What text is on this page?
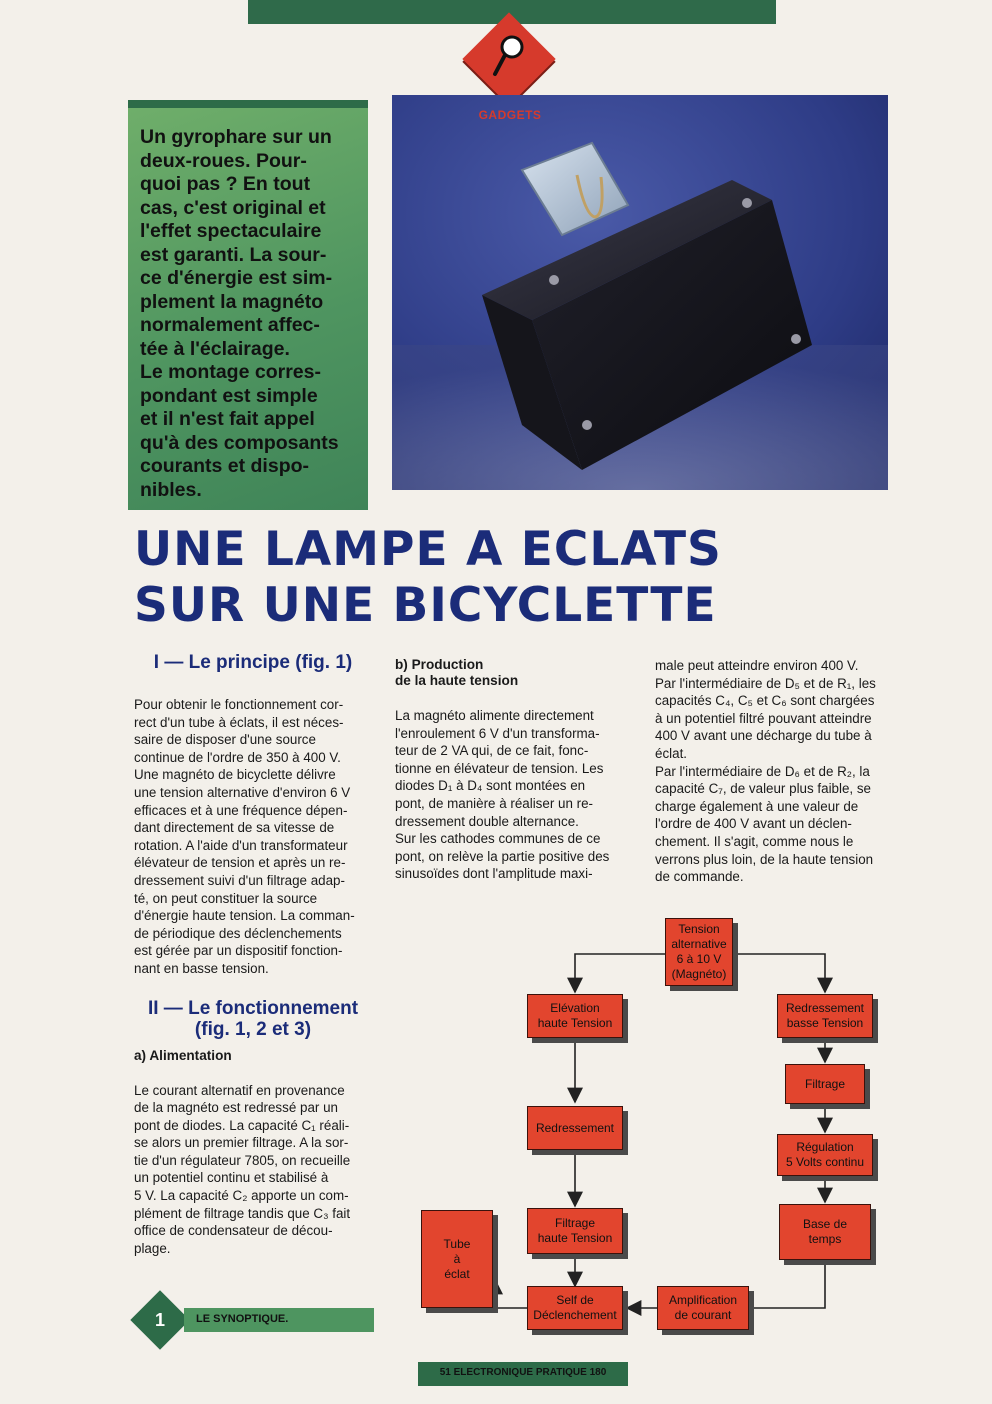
GADGETS
Un gyrophare sur un
deux-roues. Pour-
quoi pas ? En tout
cas, c'est original et
l'effet spectaculaire
est garanti. La sour-
ce d'énergie est sim-
plement la magnéto
normalement affec-
tée à l'éclairage.
Le montage corres-
pondant est simple
et il n'est fait appel
qu'à des composants
courants et dispo-
nibles.
UNE LAMPE A ECLATS
SUR UNE BICYCLETTE
I — Le principe (fig. 1)

Pour obtenir le fonctionnement cor-
rect d'un tube à éclats, il est néces-
saire de disposer d'une source
continue de l'ordre de 350 à 400 V.
Une magnéto de bicyclette délivre
une tension alternative d'environ 6 V
efficaces et à une fréquence dépen-
dant directement de sa vitesse de
rotation. A l'aide d'un transformateur
élévateur de tension et après un re-
dressement suivi d'un filtrage adap-
té, on peut constituer la source
d'énergie haute tension. La comman-
de périodique des déclenchements
est gérée par un dispositif fonction-
nant en basse tension.

II — Le fonctionnement
(fig. 1, 2 et 3)
a) Alimentation

Le courant alternatif en provenance
de la magnéto est redressé par un
pont de diodes. La capacité C₁ réali-
se alors un premier filtrage. A la sor-
tie d'un régulateur 7805, on recueille
un potentiel continu et stabilisé à
5 V. La capacité C₂ apporte un com-
plément de filtrage tandis que C₃ fait
office de condensateur de décou-
plage.

b) Production
de la haute tension

La magnéto alimente directement
l'enroulement 6 V d'un transforma-
teur de 2 VA qui, de ce fait, fonc-
tionne en élévateur de tension. Les
diodes D₁ à D₄ sont montées en
pont, de manière à réaliser un re-
dressement double alternance.
Sur les cathodes communes de ce
pont, on relève la partie positive des
sinusoïdes dont l'amplitude maxi-

male peut atteindre environ 400 V.
Par l'intermédiaire de D₅ et de R₁, les
capacités C₄, C₅ et C₆ sont chargées
à un potentiel filtré pouvant atteindre
400 V avant une décharge du tube à
éclat.
Par l'intermédiaire de D₆ et de R₂, la
capacité C₇, de valeur plus faible, se
charge également à une valeur de
l'ordre de 400 V avant un déclen-
chement. Il s'agit, comme nous le
verrons plus loin, de la haute tension
de commande.

Tension
alternative
6 à 10 V
(Magnéto)
Elévation
haute Tension
Redressement
basse Tension
Filtrage
Redressement
Régulation
5 Volts continu
Filtrage
haute Tension
Base de
temps
Tube
à
éclat
Self de
Déclenchement
Amplification
de courant
1	LE SYNOPTIQUE.
51 ELECTRONIQUE PRATIQUE 180
